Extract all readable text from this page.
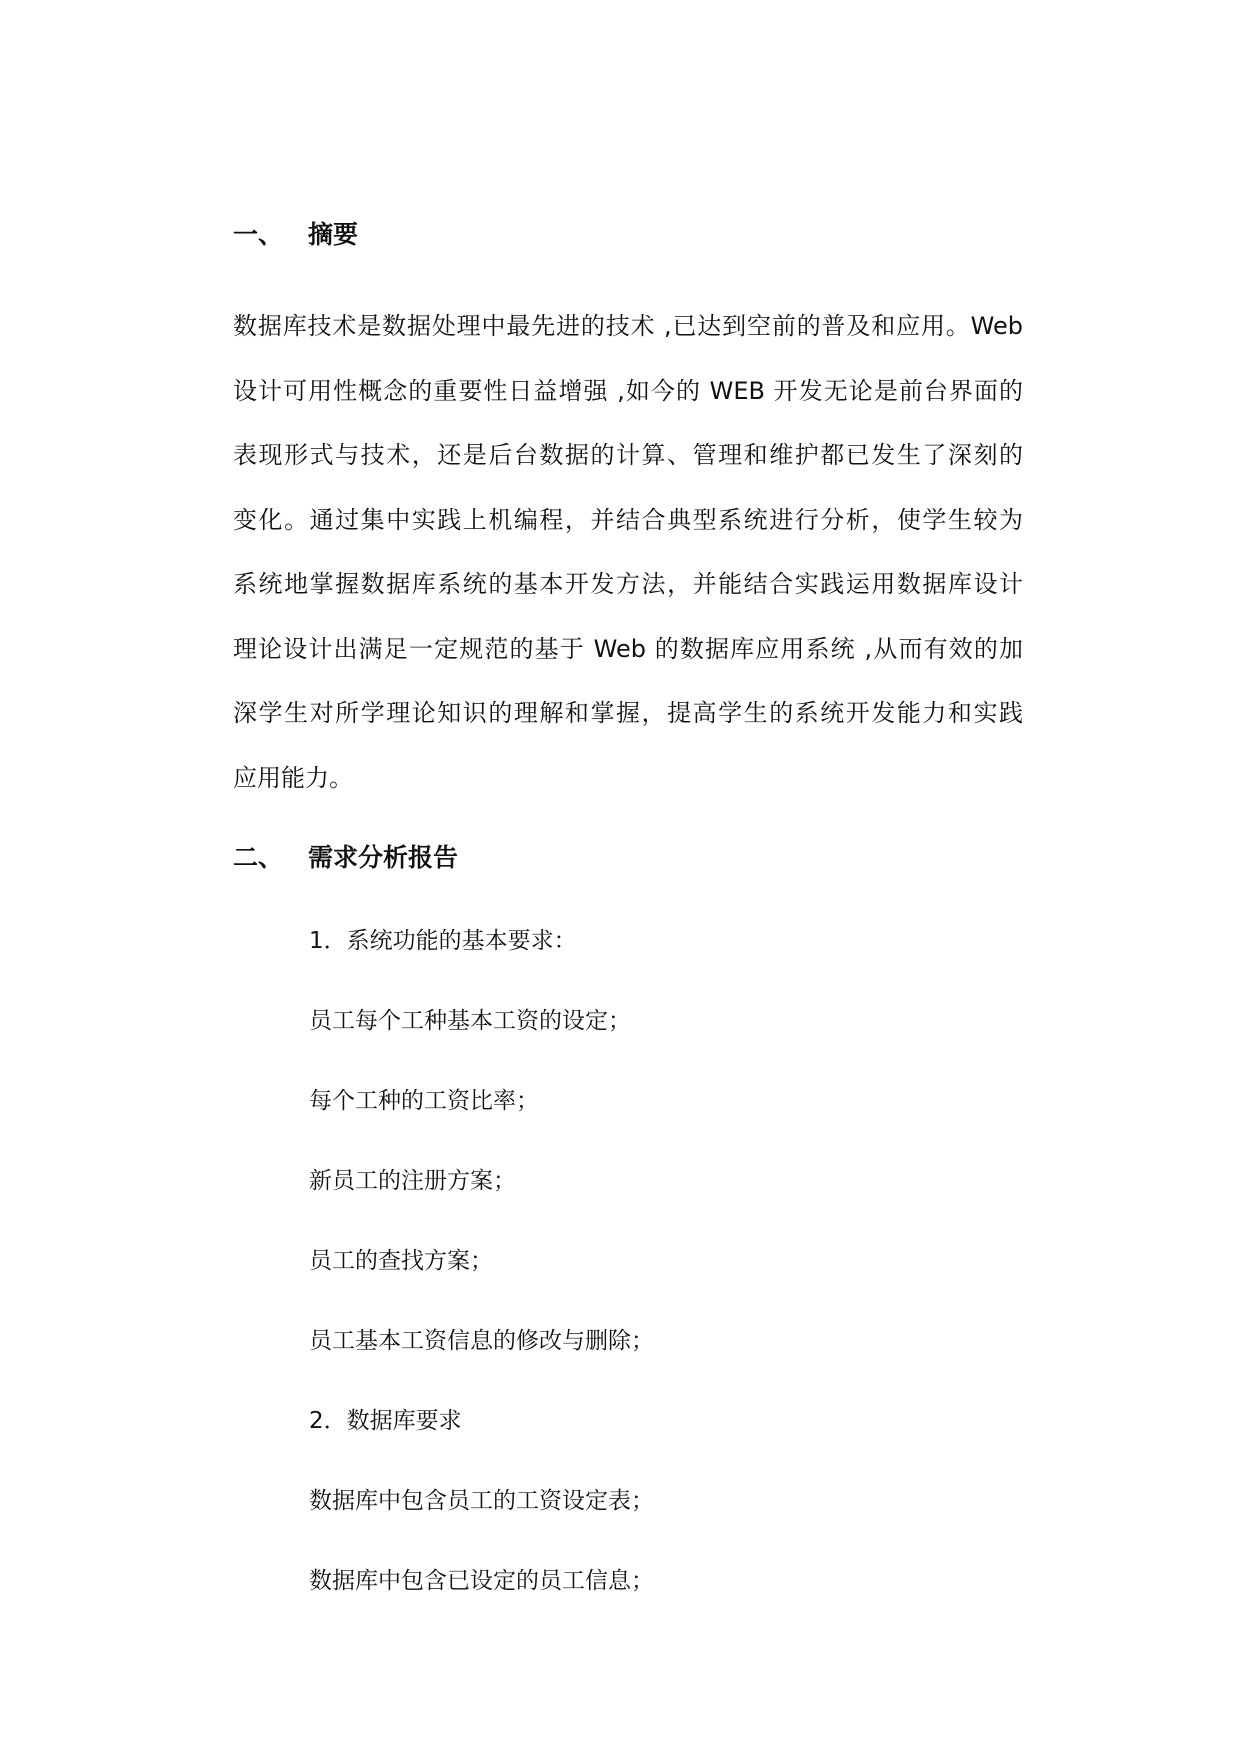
一、 摘要
数据库技术是数据处理中最先进的技术 ,已达到空前的普及和应用。Web
设计可用性概念的重要性日益增强 ,如今的 WEB 开发无论是前台界面的
表现形式与技术，还是后台数据的计算、管理和维护都已发生了深刻的
变化。通过集中实践上机编程，并结合典型系统进行分析，使学生较为
系统地掌握数据库系统的基本开发方法，并能结合实践运用数据库设计
理论设计出满足一定规范的基于 Web 的数据库应用系统 ,从而有效的加
深学生对所学理论知识的理解和掌握，提高学生的系统开发能力和实践
应用能力。
二、 需求分析报告
1．系统功能的基本要求：
员工每个工种基本工资的设定；
每个工种的工资比率；
新员工的注册方案；
员工的查找方案；
员工基本工资信息的修改与删除；
2．数据库要求
数据库中包含员工的工资设定表；
数据库中包含已设定的员工信息；
